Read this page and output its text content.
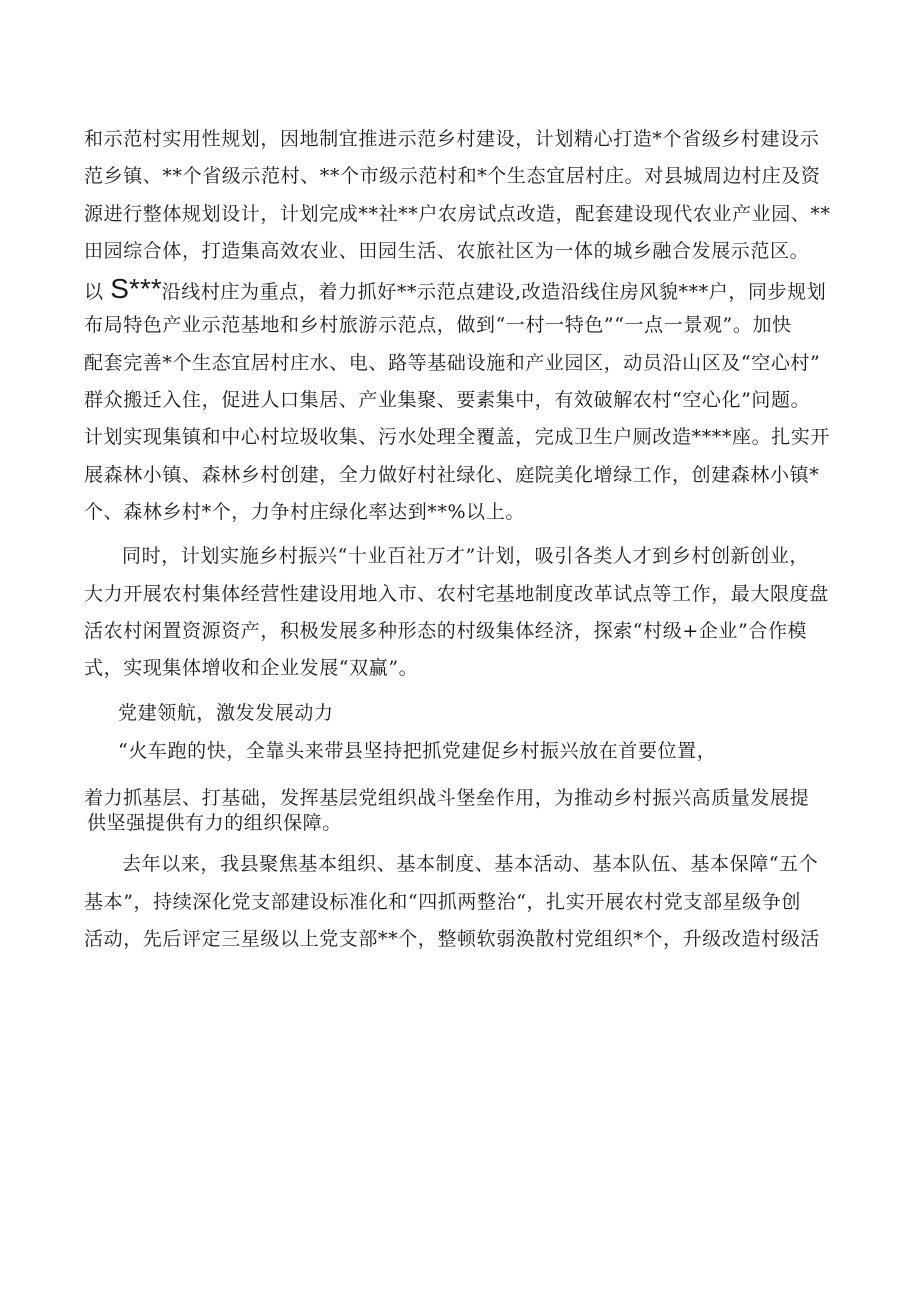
和示范村实用性规划，因地制宜推进示范乡村建设，计划精心打造*个省级乡村建设示
范乡镇、**个省级示范村、**个市级示范村和*个生态宜居村庄。对县城周边村庄及资
源进行整体规划设计，计划完成**社**户农房试点改造，配套建设现代农业产业园、**
田园综合体，打造集高效农业、田园生活、农旅社区为一体的城乡融合发展示范区。
以 S***沿线村庄为重点，着力抓好**示范点建设,改造沿线住房风貌***户，同步规划
布局特色产业示范基地和乡村旅游示范点，做到“一村一特色”“一点一景观”。加快
配套完善*个生态宜居村庄水、电、路等基础设施和产业园区，动员沿山区及“空心村”
群众搬迁入住，促进人口集居、产业集聚、要素集中，有效破解农村“空心化”问题。
计划实现集镇和中心村垃圾收集、污水处理全覆盖，完成卫生户厕改造****座。扎实开
展森林小镇、森林乡村创建，全力做好村社绿化、庭院美化增绿工作，创建森林小镇*
个、森林乡村*个，力争村庄绿化率达到**%以上。
同时，计划实施乡村振兴“十业百社万才”计划，吸引各类人才到乡村创新创业，
大力开展农村集体经营性建设用地入市、农村宅基地制度改革试点等工作，最大限度盘
活农村闲置资源资产，积极发展多种形态的村级集体经济，探索“村级+企业”合作模
式，实现集体增收和企业发展“双赢”。
党建领航，激发发展动力
“火车跑的快，全靠头来带县坚持把抓党建促乡村振兴放在首要位置，
着力抓基层、打基础，发挥基层党组织战斗堡垒作用，为推动乡村振兴高质量发展提
供坚强提供有力的组织保障。
去年以来，我县聚焦基本组织、基本制度、基本活动、基本队伍、基本保障“五个
基本”，持续深化党支部建设标准化和“四抓两整治“，扎实开展农村党支部星级争创
活动，先后评定三星级以上党支部**个，整顿软弱涣散村党组织*个，升级改造村级活
